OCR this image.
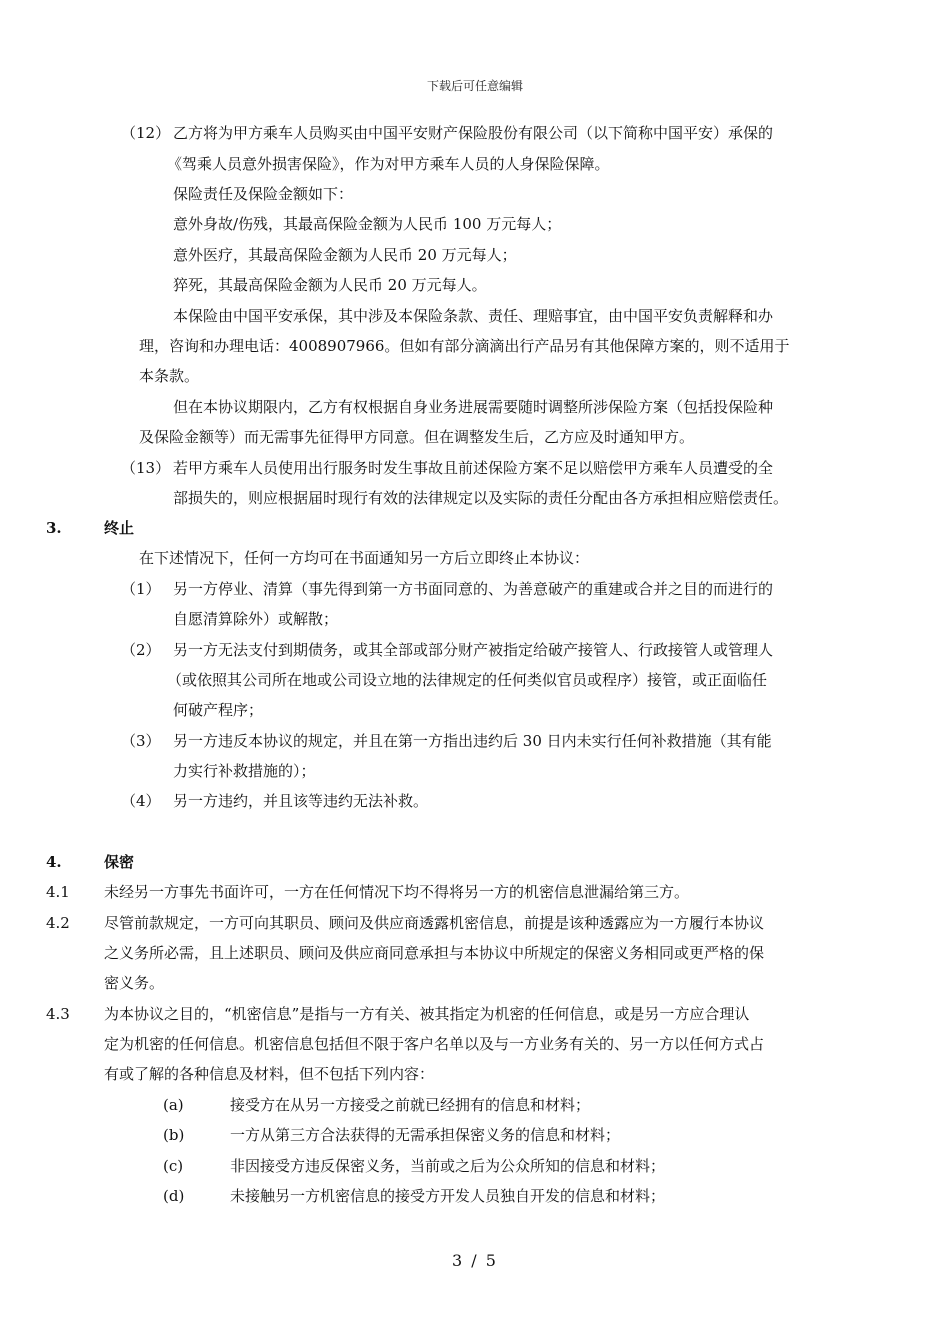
下载后可任意编辑
（12） 乙方将为甲方乘车人员购买由中国平安财产保险股份有限公司（以下简称中国平安）承保的
《驾乘人员意外损害保险》，作为对甲方乘车人员的人身保险保障。
保险责任及保险金额如下：
意外身故/伤残，其最高保险金额为人民币 100 万元每人；
意外医疗，其最高保险金额为人民币 20 万元每人；
猝死，其最高保险金额为人民币 20 万元每人。
本保险由中国平安承保，其中涉及本保险条款、责任、理赔事宜，由中国平安负责解释和办
理，咨询和办理电话：4008907966。但如有部分滴滴出行产品另有其他保障方案的，则不适用于
本条款。
但在本协议期限内，乙方有权根据自身业务进展需要随时调整所涉保险方案（包括投保险种
及保险金额等）而无需事先征得甲方同意。但在调整发生后，乙方应及时通知甲方。
（13） 若甲方乘车人员使用出行服务时发生事故且前述保险方案不足以赔偿甲方乘车人员遭受的全
部损失的，则应根据届时现行有效的法律规定以及实际的责任分配由各方承担相应赔偿责任。
3.	终止
在下述情况下，任何一方均可在书面通知另一方后立即终止本协议：
（1） 另一方停业、清算（事先得到第一方书面同意的、为善意破产的重建或合并之目的而进行的
自愿清算除外）或解散；
（2） 另一方无法支付到期债务，或其全部或部分财产被指定给破产接管人、行政接管人或管理人
（或依照其公司所在地或公司设立地的法律规定的任何类似官员或程序）接管，或正面临任
何破产程序；
（3） 另一方违反本协议的规定，并且在第一方指出违约后 30 日内未实行任何补救措施（其有能
力实行补救措施的）；
（4） 另一方违约，并且该等违约无法补救。
4.	保密
4.1 未经另一方事先书面许可，一方在任何情况下均不得将另一方的机密信息泄漏给第三方。
4.2 尽管前款规定，一方可向其职员、顾问及供应商透露机密信息，前提是该种透露应为一方履行本协议
之义务所必需，且上述职员、顾问及供应商同意承担与本协议中所规定的保密义务相同或更严格的保
密义务。
4.3 为本协议之目的，“机密信息”是指与一方有关、被其指定为机密的任何信息，或是另一方应合理认
定为机密的任何信息。机密信息包括但不限于客户名单以及与一方业务有关的、另一方以任何方式占
有或了解的各种信息及材料，但不包括下列内容：
(a)	接受方在从另一方接受之前就已经拥有的信息和材料；
(b)	一方从第三方合法获得的无需承担保密义务的信息和材料；
(c)	非因接受方违反保密义务，当前或之后为公众所知的信息和材料；
(d)	未接触另一方机密信息的接受方开发人员独自开发的信息和材料；
3 / 5
